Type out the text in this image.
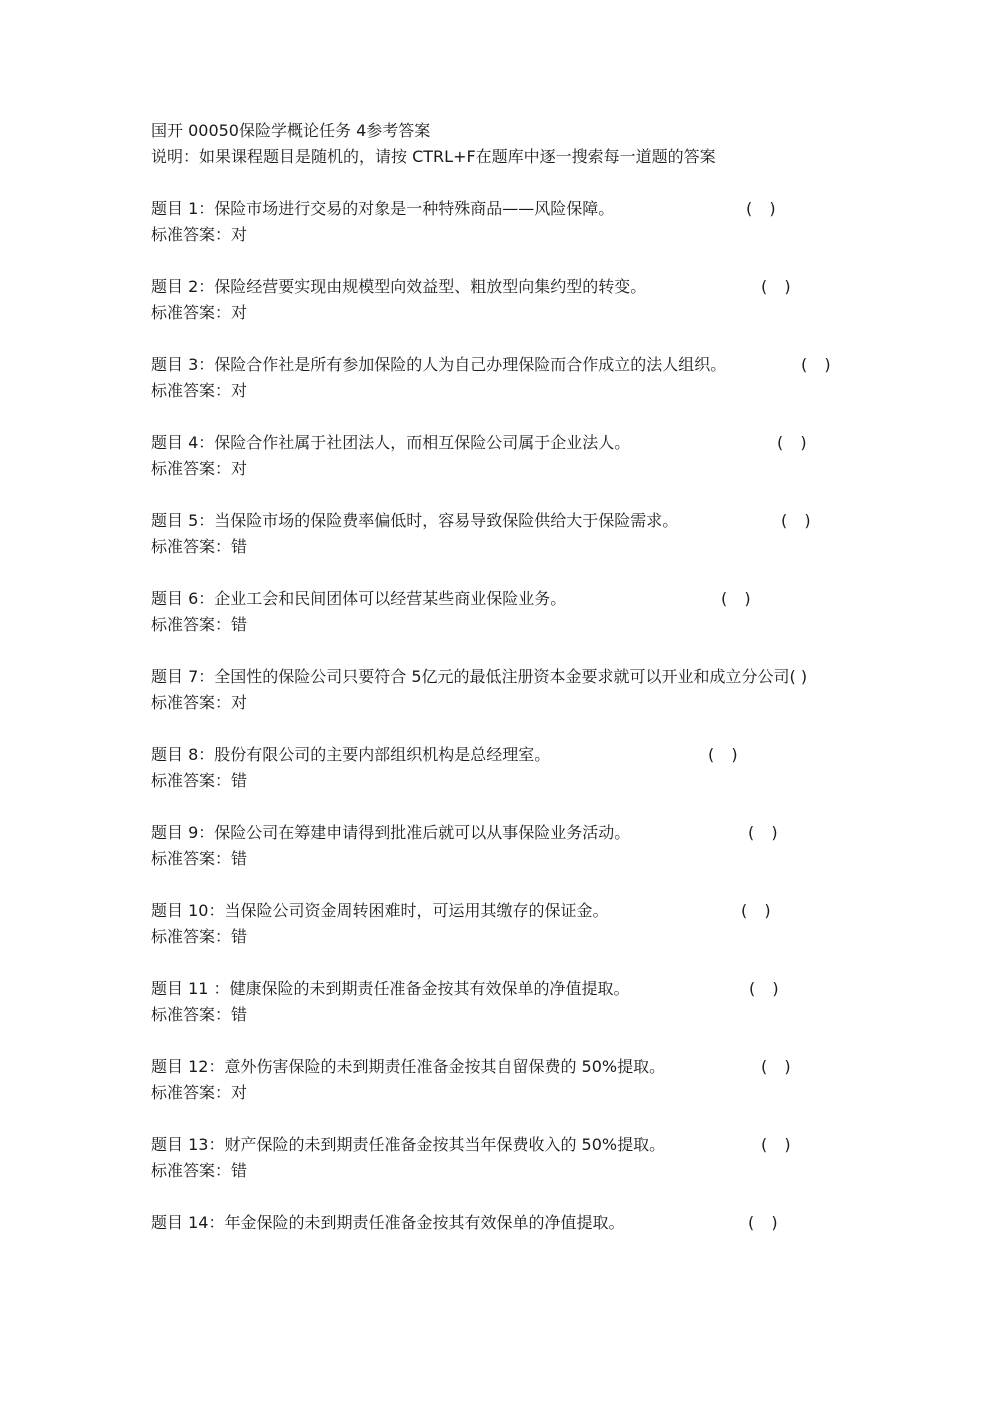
国开 00050保险学概论任务 4参考答案
说明：如果课程题目是随机的，请按 CTRL+F在题库中逐一搜索每一道题的答案
题目 1：保险市场进行交易的对象是一种特殊商品——风险保障。	( )
标准答案：对
题目 2：保险经营要实现由规模型向效益型、粗放型向集约型的转变。	( )
标准答案：对
题目 3：保险合作社是所有参加保险的人为自己办理保险而合作成立的法人组织。	( )
标准答案：对
题目 4：保险合作社属于社团法人，而相互保险公司属于企业法人。	( )
标准答案：对
题目 5：当保险市场的保险费率偏低时，容易导致保险供给大于保险需求。	( )
标准答案：错
题目 6：企业工会和民间团体可以经营某些商业保险业务。	( )
标准答案：错
题目 7：全国性的保险公司只要符合 5亿元的最低注册资本金要求就可以开业和成立分公司( )
标准答案：对
题目 8：股份有限公司的主要内部组织机构是总经理室。	( )
标准答案：错
题目 9：保险公司在筹建申请得到批准后就可以从事保险业务活动。	( )
标准答案：错
题目 10：当保险公司资金周转困难时，可运用其缴存的保证金。	( )
标准答案：错
题目 11 ：健康保险的未到期责任准备金按其有效保单的净值提取。	( )
标准答案：错
题目 12：意外伤害保险的未到期责任准备金按其自留保费的 50%提取。	( )
标准答案：对
题目 13：财产保险的未到期责任准备金按其当年保费收入的 50%提取。	( )
标准答案：错
题目 14：年金保险的未到期责任准备金按其有效保单的净值提取。	( )
